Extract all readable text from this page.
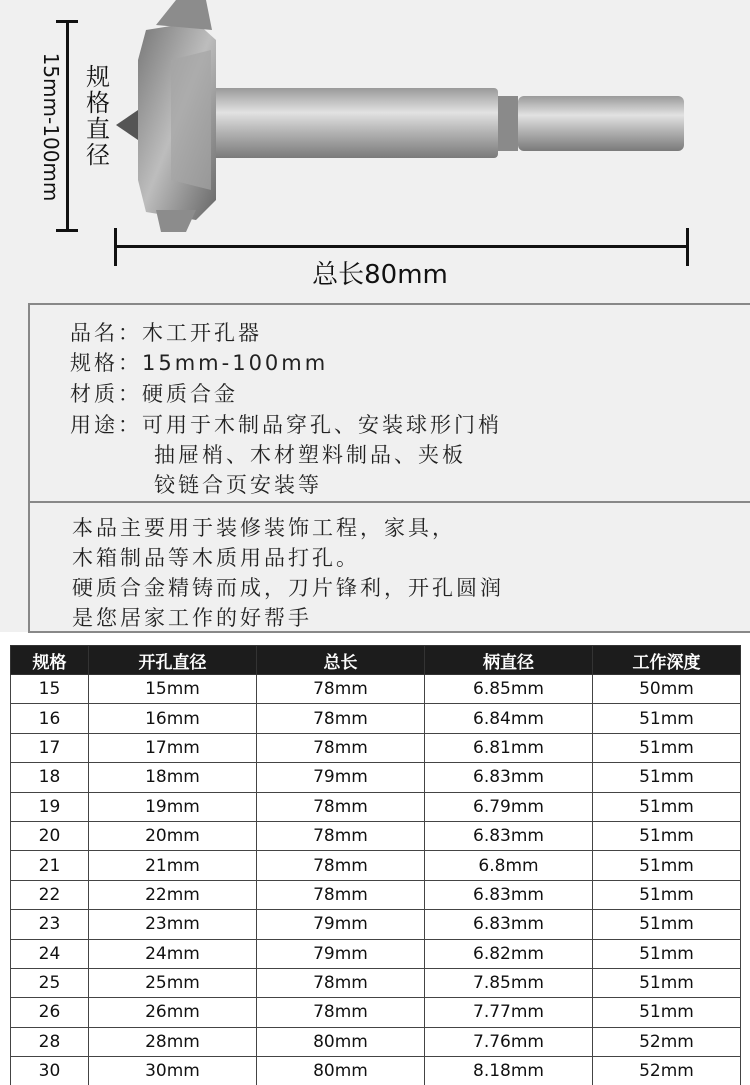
15mm-100mm 规
格
直
径
总长80mm
品名：木工开孔器
规格：15mm-100mm
材质：硬质合金
用途：可用于木制品穿孔、安装球形门梢
抽屉梢、木材塑料制品、夹板
铰链合页安装等
本品主要用于装修装饰工程，家具，
木箱制品等木质用品打孔。
硬质合金精铸而成，刀片锋利，开孔圆润
是您居家工作的好帮手
规格	开孔直径	总长	柄直径	工作深度
15	15mm	78mm	6.85mm	50mm
16	16mm	78mm	6.84mm	51mm
17	17mm	78mm	6.81mm	51mm
18	18mm	79mm	6.83mm	51mm
19	19mm	78mm	6.79mm	51mm
20	20mm	78mm	6.83mm	51mm
21	21mm	78mm	6.8mm	51mm
22	22mm	78mm	6.83mm	51mm
23	23mm	79mm	6.83mm	51mm
24	24mm	79mm	6.82mm	51mm
25	25mm	78mm	7.85mm	51mm
26	26mm	78mm	7.77mm	51mm
28	28mm	80mm	7.76mm	52mm
30	30mm	80mm	8.18mm	52mm
